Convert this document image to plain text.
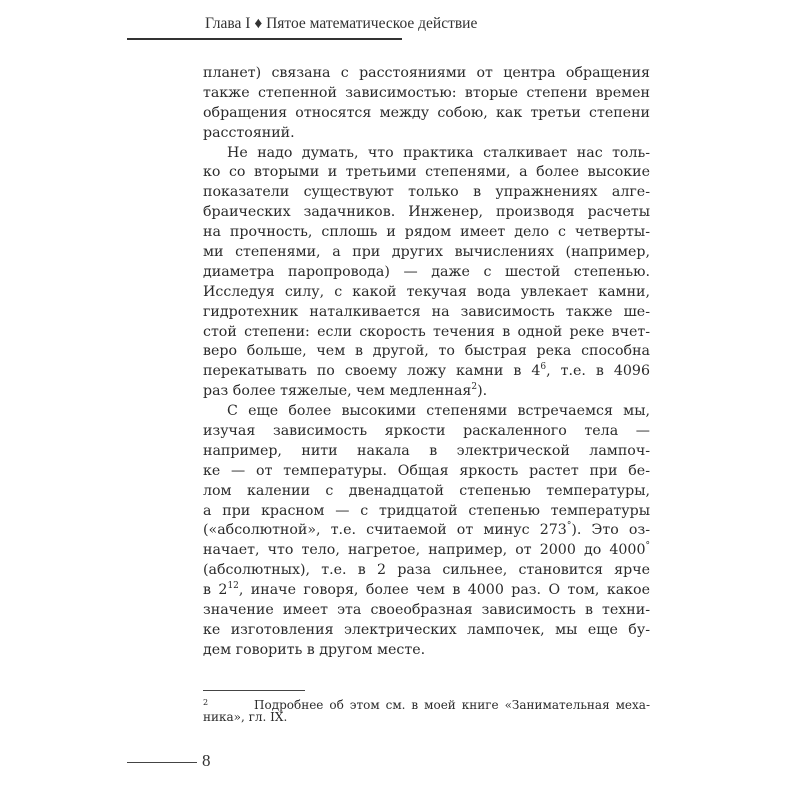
Глава I ♦ Пятое математическое действие
планет) связана с расстояниями от центра обращения
также степенной зависимостью: вторые степени времен
обращения относятся между собою, как третьи степени
расстояний.
Не надо думать, что практика сталкивает нас толь-
ко со вторыми и третьими степенями, а более высокие
показатели существуют только в упражнениях алге-
браических задачников. Инженер, производя расчеты
на прочность, сплошь и рядом имеет дело с четверты-
ми степенями, а при других вычислениях (например,
диаметра паропровода) — даже с шестой степенью.
Исследуя силу, с какой текучая вода увлекает камни,
гидротехник наталкивается на зависимость также ше-
стой степени: если скорость течения в одной реке вчет-
веро больше, чем в другой, то быстрая река способна
перекатывать по своему ложу камни в $4^6$, т.е. в 4096
раз более тяжелые, чем медленная$^2$).
С еще более высокими степенями встречаемся мы,
изучая зависимость яркости раскаленного тела —
например, нити накала в электрической лампоч-
ке — от температуры. Общая яркость растет при бе-
лом калении с двенадцатой степенью температуры,
а при красном — с тридцатой степенью температуры
(«абсолютной», т.е. считаемой от минус 273°). Это оз-
начает, что тело, нагретое, например, от 2000 до 4000°
(абсолютных), т.е. в 2 раза сильнее, становится ярче
в $2^{12}$, иначе говоря, более чем в 4000 раз. О том, какое
значение имеет эта своеобразная зависимость в техни-
ке изготовления электрических лампочек, мы еще бу-
дем говорить в другом месте.
2	Подробнее об этом см. в моей книге «Занимательная меха-
ника», гл. IX.
8
